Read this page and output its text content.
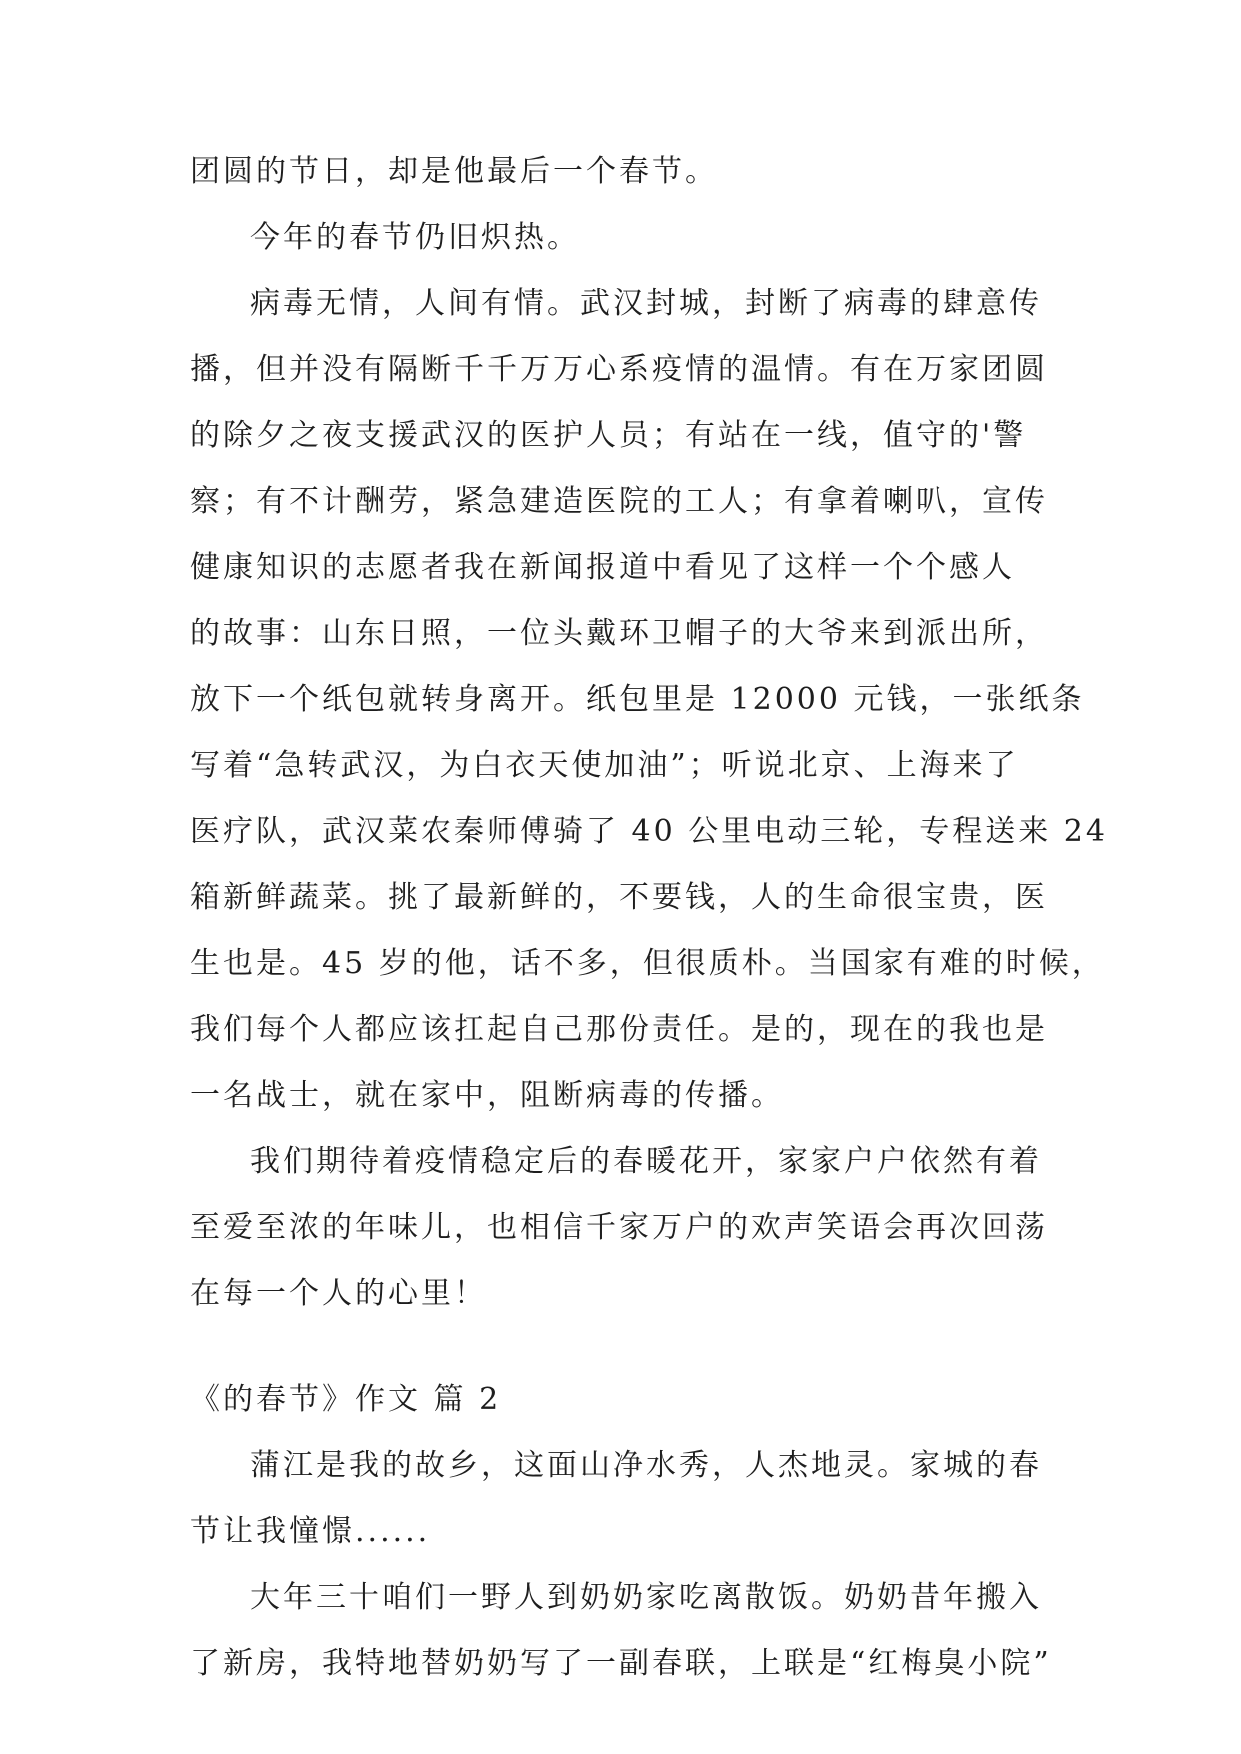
团圆的节日，却是他最后一个春节。
今年的春节仍旧炽热。
病毒无情，人间有情。武汉封城，封断了病毒的肆意传
播，但并没有隔断千千万万心系疫情的温情。有在万家团圆
的除夕之夜支援武汉的医护人员；有站在一线，值守的'警
察；有不计酬劳，紧急建造医院的工人；有拿着喇叭，宣传
健康知识的志愿者我在新闻报道中看见了这样一个个感人
的故事：山东日照，一位头戴环卫帽子的大爷来到派出所，
放下一个纸包就转身离开。纸包里是 12000 元钱，一张纸条
写着“急转武汉，为白衣天使加油”；听说北京、上海来了
医疗队，武汉菜农秦师傅骑了 40 公里电动三轮，专程送来 24
箱新鲜蔬菜。挑了最新鲜的，不要钱，人的生命很宝贵，医
生也是。45 岁的他，话不多，但很质朴。当国家有难的时候，
我们每个人都应该扛起自己那份责任。是的，现在的我也是
一名战士，就在家中，阻断病毒的传播。
我们期待着疫情稳定后的春暖花开，家家户户依然有着
至爱至浓的年味儿，也相信千家万户的欢声笑语会再次回荡
在每一个人的心里！
《的春节》作文 篇 2
蒲江是我的故乡，这面山净水秀，人杰地灵。家城的春
节让我憧憬......
大年三十咱们一野人到奶奶家吃离散饭。奶奶昔年搬入
了新房，我特地替奶奶写了一副春联，上联是“红梅臭小院”
